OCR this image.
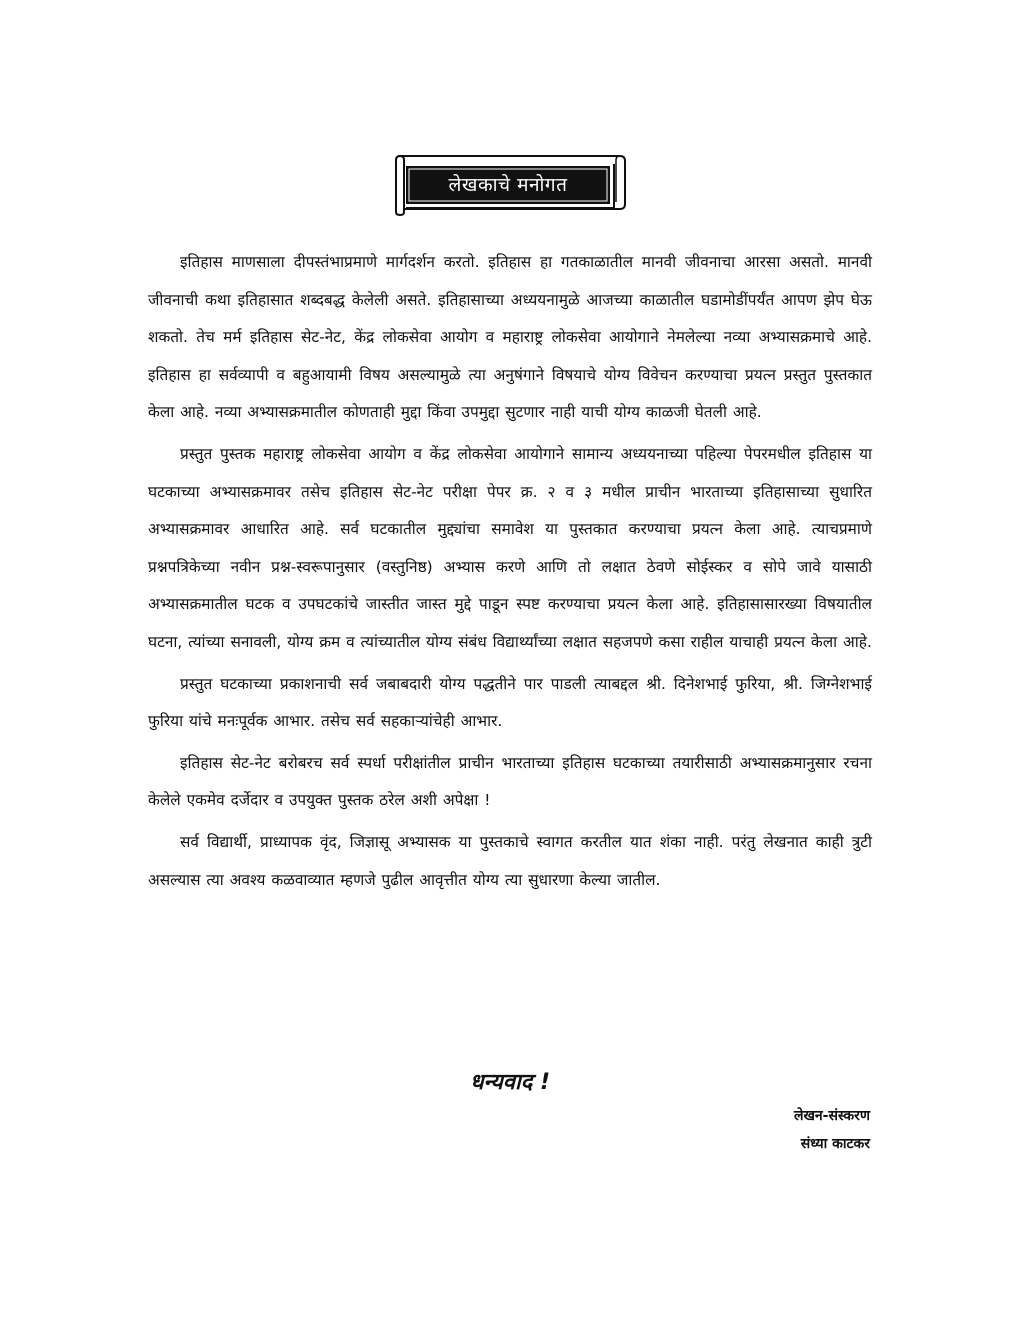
लेखकाचे मनोगत

इतिहास माणसाला दीपस्तंभाप्रमाणे मार्गदर्शन करतो. इतिहास हा गतकाळातील मानवी जीवनाचा आरसा असतो. मानवी जीवनाची कथा इतिहासात शब्दबद्ध केलेली असते. इतिहासाच्या अध्ययनामुळे आजच्या काळातील घडामोडींपर्यंत आपण झेप घेऊ शकतो. तेच मर्म इतिहास सेट-नेट, केंद्र लोकसेवा आयोग व महाराष्ट्र लोकसेवा आयोगाने नेमलेल्या नव्या अभ्यासक्रमाचे आहे. इतिहास हा सर्वव्यापी व बहुआयामी विषय असल्यामुळे त्या अनुषंगाने विषयाचे योग्य विवेचन करण्याचा प्रयत्न प्रस्तुत पुस्तकात केला आहे. नव्या अभ्यासक्रमातील कोणताही मुद्दा किंवा उपमुद्दा सुटणार नाही याची योग्य काळजी घेतली आहे.

प्रस्तुत पुस्तक महाराष्ट्र लोकसेवा आयोग व केंद्र लोकसेवा आयोगाने सामान्य अध्ययनाच्या पहिल्या पेपरमधील इतिहास या घटकाच्या अभ्यासक्रमावर तसेच इतिहास सेट-नेट परीक्षा पेपर क्र. २ व ३ मधील प्राचीन भारताच्या इतिहासाच्या सुधारित अभ्यासक्रमावर आधारित आहे. सर्व घटकातील मुद्द्यांचा समावेश या पुस्तकात करण्याचा प्रयत्न केला आहे. त्याचप्रमाणे प्रश्नपत्रिकेच्या नवीन प्रश्न-स्वरूपानुसार (वस्तुनिष्ठ) अभ्यास करणे आणि तो लक्षात ठेवणे सोईस्कर व सोपे जावे यासाठी अभ्यासक्रमातील घटक व उपघटकांचे जास्तीत जास्त मुद्दे पाडून स्पष्ट करण्याचा प्रयत्न केला आहे. इतिहासासारख्या विषयातील घटना, त्यांच्या सनावली, योग्य क्रम व त्यांच्यातील योग्य संबंध विद्यार्थ्यांच्या लक्षात सहजपणे कसा राहील याचाही प्रयत्न केला आहे.

प्रस्तुत घटकाच्या प्रकाशनाची सर्व जबाबदारी योग्य पद्धतीने पार पाडली त्याबद्दल श्री. दिनेशभाई फुरिया, श्री. जिग्नेशभाई फुरिया यांचे मनःपूर्वक आभार. तसेच सर्व सहकाऱ्यांचेही आभार.

इतिहास सेट-नेट बरोबरच सर्व स्पर्धा परीक्षांतील प्राचीन भारताच्या इतिहास घटकाच्या तयारीसाठी अभ्यासक्रमानुसार रचना केलेले एकमेव दर्जेदार व उपयुक्त पुस्तक ठरेल अशी अपेक्षा !

सर्व विद्यार्थी, प्राध्यापक वृंद, जिज्ञासू अभ्यासक या पुस्तकाचे स्वागत करतील यात शंका नाही. परंतु लेखनात काही त्रुटी असल्यास त्या अवश्य कळवाव्यात म्हणजे पुढील आवृत्तीत योग्य त्या सुधारणा केल्या जातील.

धन्यवाद !
लेखन-संस्करण
संध्या काटकर
